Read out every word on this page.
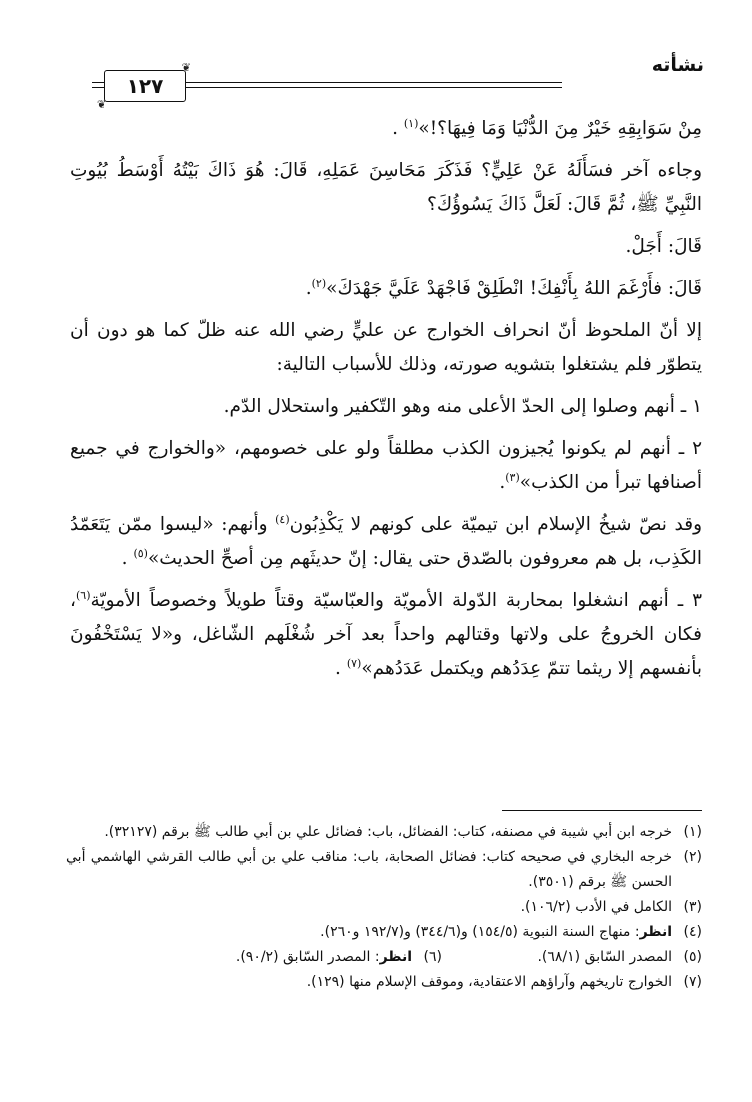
نشأته
❦
١٢٧
❦

مِنْ سَوَابِقِهِ خَيْرٌ مِنَ الدُّنْيَا وَمَا فِيهَا؟!»$^{(١)}$ .

وجاءه آخر فسَأَلَهُ عَنْ عَلِيٍّ؟ فَذَكَرَ مَحَاسِنَ عَمَلِهِ، قَالَ: هُوَ ذَاكَ بَيْتُهُ أَوْسَطُ بُيُوتِ النَّبِيِّ ﷺ، ثُمَّ قَالَ: لَعَلَّ ذَاكَ يَسُوؤُكَ؟

قَالَ: أَجَلْ.

قَالَ: فأَرْغَمَ اللهُ بِأَنْفِكَ! انْطَلِقْ فَاجْهَدْ عَلَيَّ جَهْدَكَ»$^{(٢)}$.

إلا أنّ الملحوظ أنّ انحراف الخوارج عن عليٍّ رضي الله عنه ظلّ كما هو دون أن يتطوّر فلم يشتغلوا بتشويه صورته، وذلك للأسباب التالية:

١ ـ أنهم وصلوا إلى الحدّ الأعلى منه وهو التّكفير واستحلال الدّم.

٢ ـ أنهم لم يكونوا يُجيزون الكذب مطلقاً ولو على خصومهم، «والخوارج في جميع أصنافها تبرأ من الكذب»$^{(٣)}$.

وقد نصّ شيخُ الإسلام ابن تيميّة على كونهم لا يَكْذِبُون$^{(٤)}$ وأنهم: «ليسوا ممّن يَتَعَمّدُ الكَذِب، بل هم معروفون بالصّدق حتى يقال: إنّ حديثَهم مِن أصحِّ الحديث»$^{(٥)}$ .

٣ ـ أنهم انشغلوا بمحاربة الدّولة الأمويّة والعبّاسيّة وقتاً طويلاً وخصوصاً الأمويّة$^{(٦)}$، فكان الخروجُ على ولاتها وقتالهم واحداً بعد آخر شُغْلَهم الشّاغل، و«لا يَسْتَخْفُونَ بأنفسهم إلا ريثما تتمّ عِدَدُهم ويكتمل عَدَدُهم»$^{(٧)}$ .

(١)
خرجه ابن أبي شيبة في مصنفه، كتاب: الفضائل، باب: فضائل علي بن أبي طالب ﷺ برقم (٣٢١٢٧).
(٢)
خرجه البخاري في صحيحه كتاب: فضائل الصحابة، باب: مناقب علي بن أبي طالب القرشي الهاشمي أبي الحسن ﷺ برقم (٣٥٠١).
(٣)
الكامل في الأدب (١٠٦/٢).
(٤)
انظر: منهاج السنة النبوية (١٥٤/٥) و(٣٤٤/٦) و(١٩٢/٧ و٢٦٠).
(٥)
المصدر السّابق (٦٨/١).
(٦)
انظر: المصدر السّابق (٩٠/٢).
(٧)
الخوارج تاريخهم وآراؤهم الاعتقادية، وموقف الإسلام منها (١٢٩).
